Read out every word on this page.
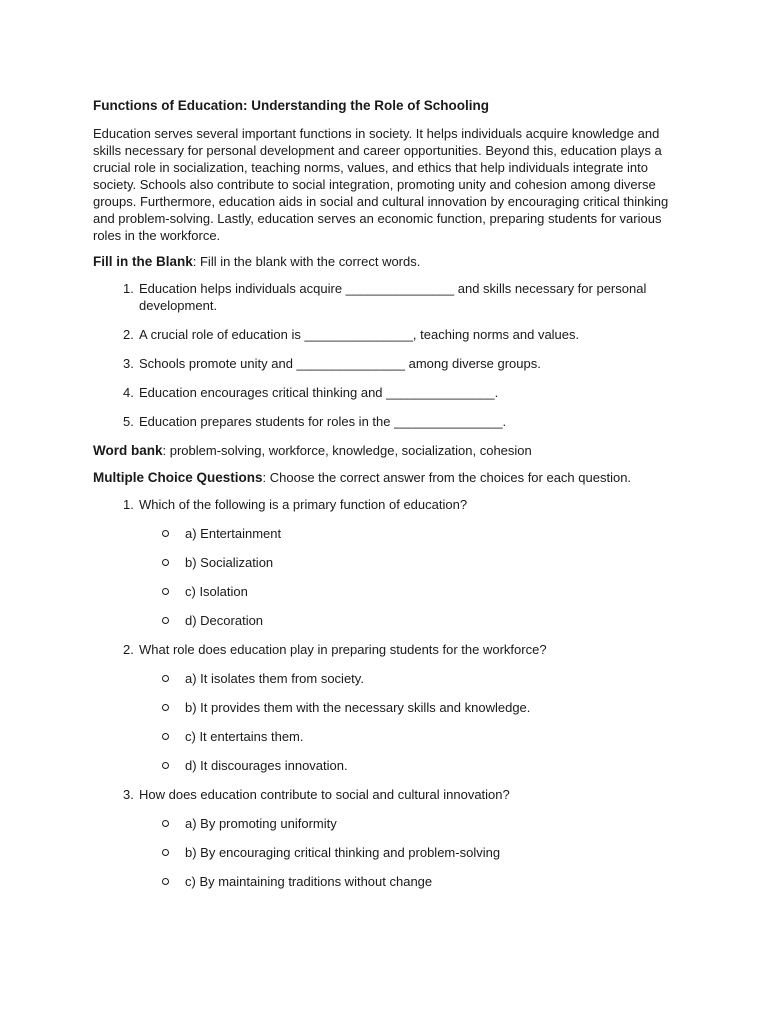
Functions of Education: Understanding the Role of Schooling
Education serves several important functions in society. It helps individuals acquire knowledge and skills necessary for personal development and career opportunities. Beyond this, education plays a crucial role in socialization, teaching norms, values, and ethics that help individuals integrate into society. Schools also contribute to social integration, promoting unity and cohesion among diverse groups. Furthermore, education aids in social and cultural innovation by encouraging critical thinking and problem-solving. Lastly, education serves an economic function, preparing students for various roles in the workforce.
Fill in the Blank: Fill in the blank with the correct words.
1. Education helps individuals acquire _______________ and skills necessary for personal development.
2. A crucial role of education is _______________, teaching norms and values.
3. Schools promote unity and _______________ among diverse groups.
4. Education encourages critical thinking and _______________.
5. Education prepares students for roles in the _______________.
Word bank: problem-solving, workforce, knowledge, socialization, cohesion
Multiple Choice Questions: Choose the correct answer from the choices for each question.
1. Which of the following is a primary function of education?
a) Entertainment
b) Socialization
c) Isolation
d) Decoration
2. What role does education play in preparing students for the workforce?
a) It isolates them from society.
b) It provides them with the necessary skills and knowledge.
c) It entertains them.
d) It discourages innovation.
3. How does education contribute to social and cultural innovation?
a) By promoting uniformity
b) By encouraging critical thinking and problem-solving
c) By maintaining traditions without change
